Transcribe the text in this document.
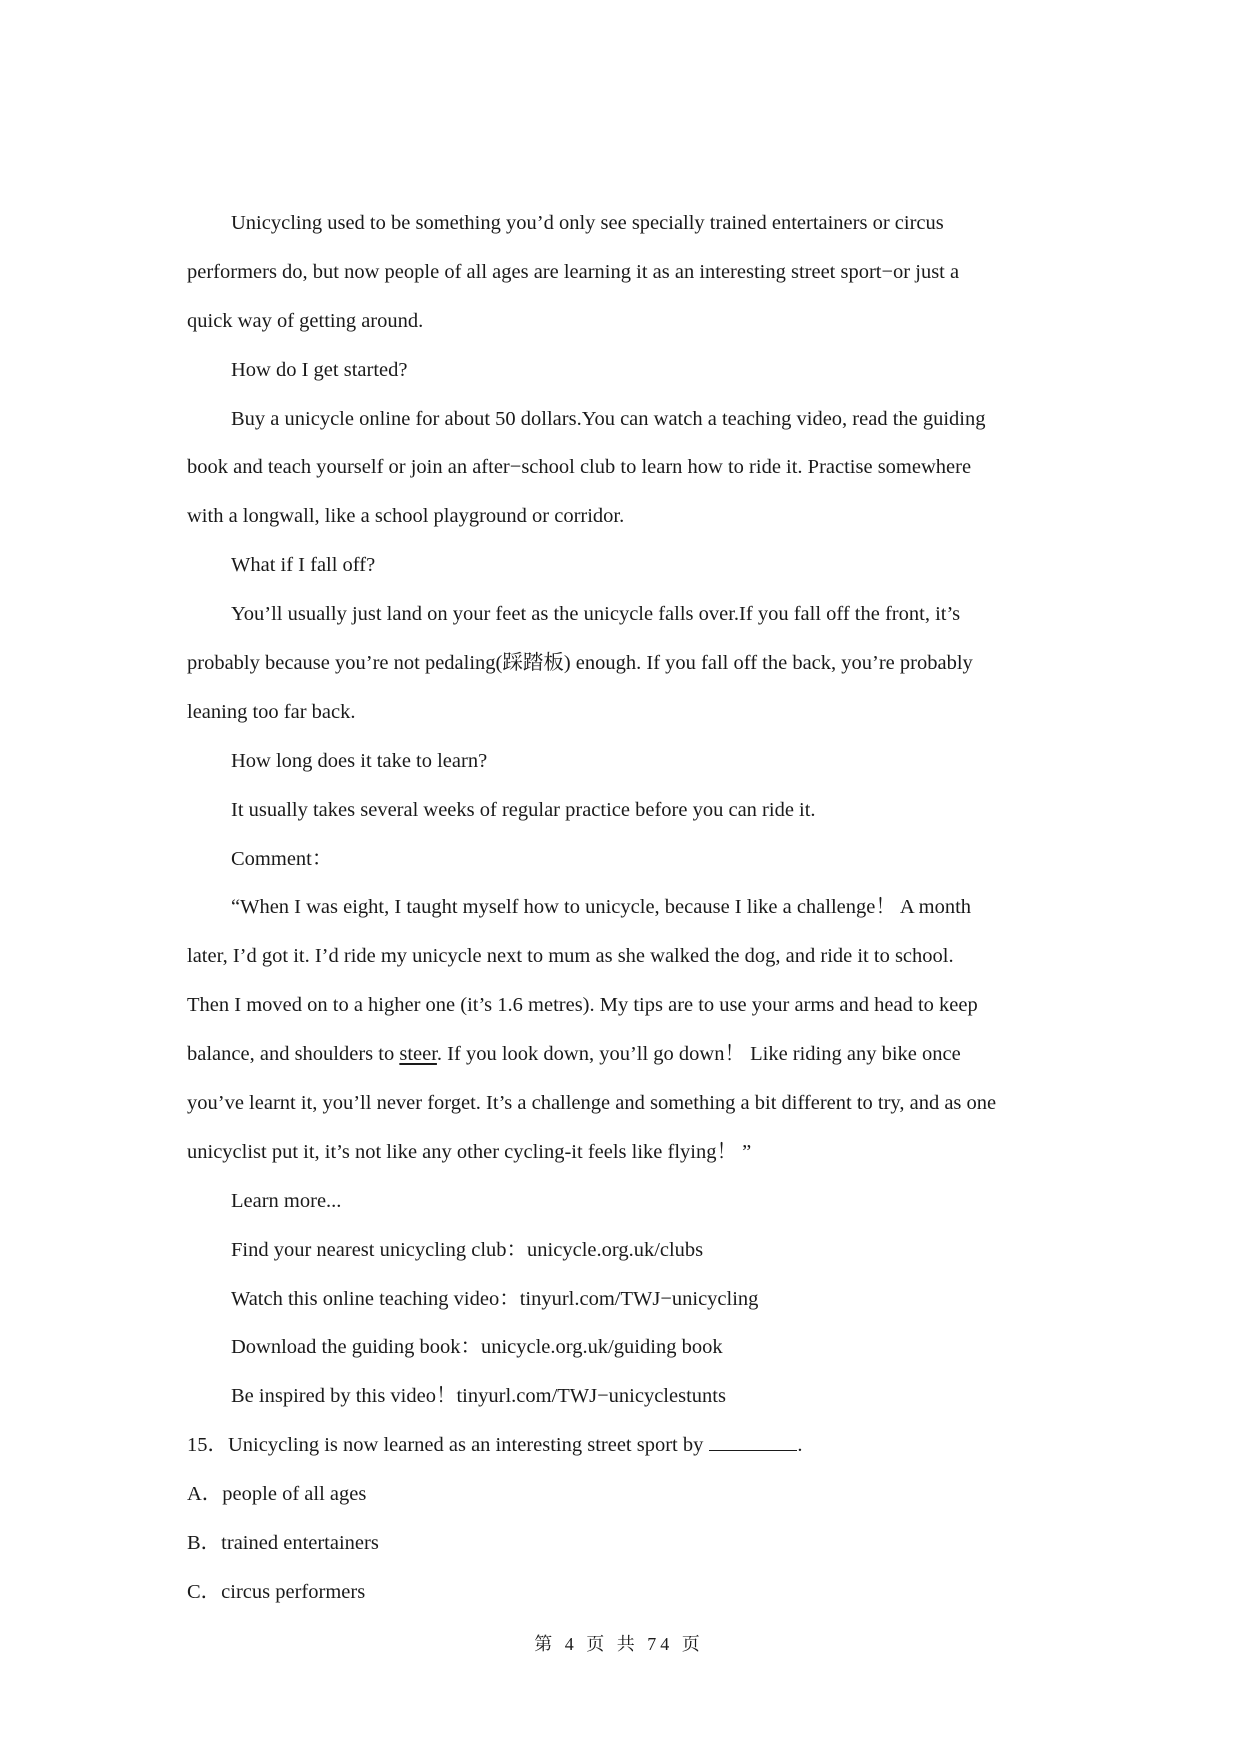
Unicycling used to be something you’d only see specially trained entertainers or circus
performers do, but now people of all ages are learning it as an interesting street sport−or just a
quick way of getting around.
How do I get started?
Buy a unicycle online for about 50 dollars.You can watch a teaching video, read the guiding
book and teach yourself or join an after−school club to learn how to ride it. Practise somewhere
with a longwall, like a school playground or corridor.
What if I fall off?
You’ll usually just land on your feet as the unicycle falls over.If you fall off the front, it’s
probably because you’re not pedaling(踩踏板) enough. If you fall off the back, you’re probably
leaning too far back.
How long does it take to learn?
It usually takes several weeks of regular practice before you can ride it.
Comment：
“When I was eight, I taught myself how to unicycle, because I like a challenge！ A month
later, I’d got it. I’d ride my unicycle next to mum as she walked the dog, and ride it to school.
Then I moved on to a higher one (it’s 1.6 metres). My tips are to use your arms and head to keep
balance, and shoulders to steer. If you look down, you’ll go down！ Like riding any bike once
you’ve learnt it, you’ll never forget. It’s a challenge and something a bit different to try, and as one
unicyclist put it, it’s not like any other cycling-it feels like flying！ ”
Learn more...
Find your nearest unicycling club：unicycle.org.uk/clubs
Watch this online teaching video：tinyurl.com/TWJ−unicycling
Download the guiding book：unicycle.org.uk/guiding book
Be inspired by this video！tinyurl.com/TWJ−unicyclestunts
15．Unicycling is now learned as an interesting street sport by	.
A．people of all ages
B．trained entertainers
C．circus performers
第 4 页 共 74 页
